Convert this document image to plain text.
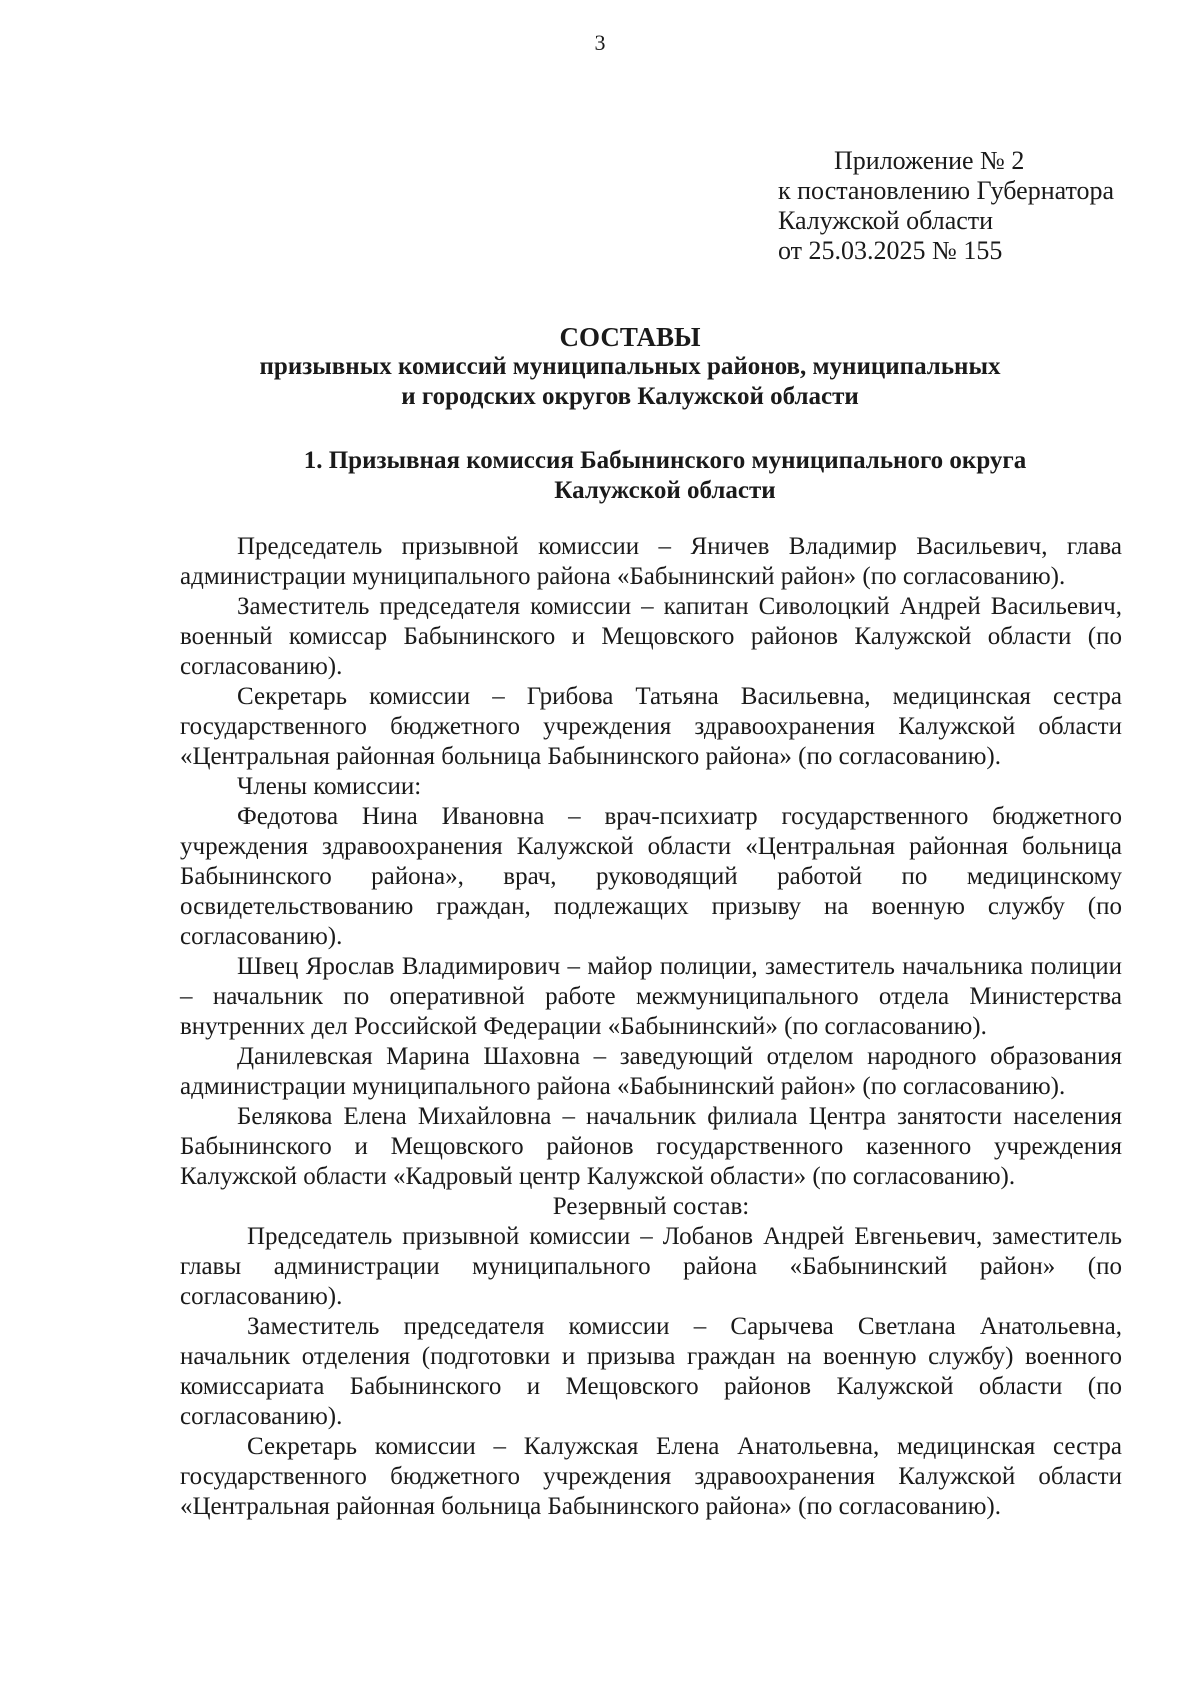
3
Приложение № 2
к постановлению Губернатора
Калужской области
от 25.03.2025 № 155
СОСТАВЫ
призывных комиссий муниципальных районов, муниципальных
и городских округов Калужской области
1. Призывная комиссия Бабынинского муниципального округа
Калужской области

Председатель призывной комиссии – Яничев Владимир Васильевич, глава администрации муниципального района «Бабынинский район» (по согласованию).

Заместитель председателя комиссии – капитан Сиволоцкий Андрей Васильевич, военный комиссар Бабынинского и Мещовского районов Калужской области (по согласованию).

Секретарь комиссии – Грибова Татьяна Васильевна, медицинская сестра государственного бюджетного учреждения здравоохранения Калужской области «Центральная районная больница Бабынинского района» (по согласованию).

Члены комиссии:

Федотова Нина Ивановна – врач-психиатр государственного бюджетного учреждения здравоохранения Калужской области «Центральная районная больница Бабынинского района», врач, руководящий работой по медицинскому освидетельствованию граждан, подлежащих призыву на военную службу (по согласованию).

Швец Ярослав Владимирович – майор полиции, заместитель начальника полиции – начальник по оперативной работе межмуниципального отдела Министерства внутренних дел Российской Федерации «Бабынинский» (по согласованию).

Данилевская Марина Шаховна – заведующий отделом народного образования администрации муниципального района «Бабынинский район» (по согласованию).

Белякова Елена Михайловна – начальник филиала Центра занятости населения Бабынинского и Мещовского районов государственного казенного учреждения Калужской области «Кадровый центр Калужской области» (по согласованию).

Резервный состав:

Председатель призывной комиссии – Лобанов Андрей Евгеньевич, заместитель главы администрации муниципального района «Бабынинский район» (по согласованию).

Заместитель председателя комиссии – Сарычева Светлана Анатольевна, начальник отделения (подготовки и призыва граждан на военную службу) военного комиссариата Бабынинского и Мещовского районов Калужской области (по согласованию).

Секретарь комиссии – Калужская Елена Анатольевна, медицинская сестра государственного бюджетного учреждения здравоохранения Калужской области «Центральная районная больница Бабынинского района» (по согласованию).
